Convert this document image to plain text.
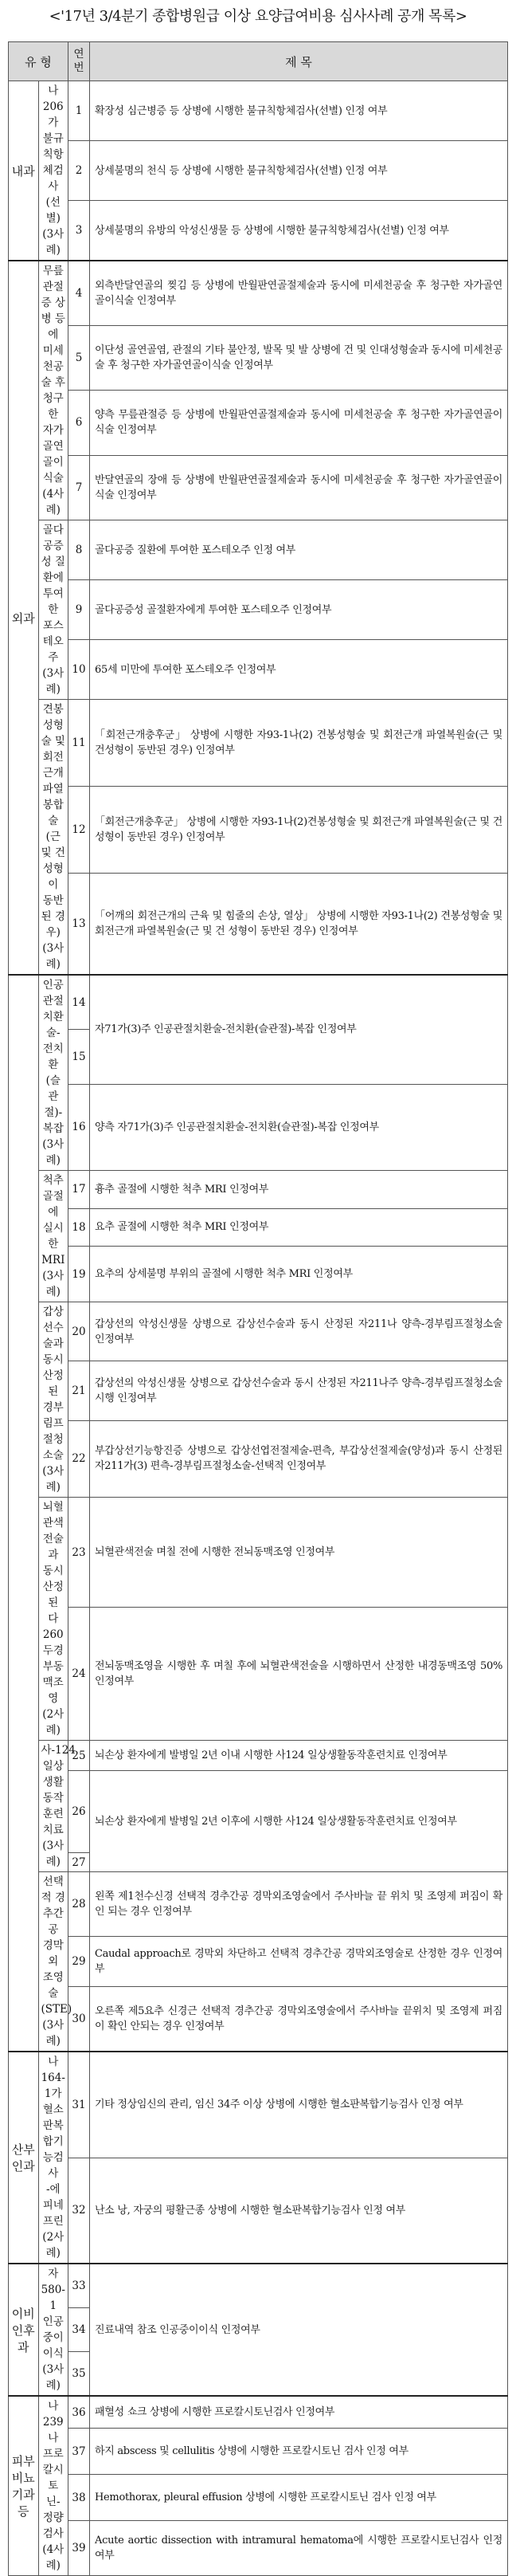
<'17년 3/4분기 종합병원급 이상 요양급여비용 심사사례 공개 목록>
유 형		연
번	제 목
내과	나206가
불규칙항체검사(선별)
(3사례)	1	확장성 심근병증 등 상병에 시행한 불규칙항체검사(선별) 인정 여부
		2	상세불명의 천식 등 상병에 시행한 불규칙항체검사(선별) 인정 여부
		3	상세불명의 유방의 악성신생물 등 상병에 시행한 불규칙항체검사(선별) 인정 여부
외과	무릎관절증 상병 등에
미세천공술 후 청구한
자가골연골이식술
(4사례)	4	외측반달연골의 찢김 등 상병에 반월판연골절제술과 동시에 미세천공술 후 청구한 자가골연골이식술 인정여부
		5	이단성 골연골염, 관절의 기타 불안정, 발목 및 발 상병에 건 및 인대성형술과 동시에 미세천공술 후 청구한 자가골연골이식술 인정여부
		6	양측 무릎관절증 등 상병에 반월판연골절제술과 동시에 미세천공술 후 청구한 자가골연골이식술 인정여부
		7	반달연골의 장애 등 상병에 반월판연골절제술과 동시에 미세천공술 후 청구한 자가골연골이식술 인정여부
	골다공증성 질환에
투여한
포스테오주
(3사례)	8	골다공증 질환에 투여한 포스테오주 인정 여부
		9	골다공증성 골절환자에게 투여한 포스테오주 인정여부
		10	65세 미만에 투여한 포스테오주 인정여부
	견봉성형술 및
회전근개 파열봉합술
(근 및 건성형이
동반된 경우)
(3사례)	11	「회전근개충후군」 상병에 시행한 자93-1나(2) 견봉성형술 및 회전근개 파열복원술(근 및 건성형이 동반된 경우) 인정여부
		12	「회전근개충후군」 상병에 시행한 자93-1나(2)견봉성형술 및 회전근개 파열복원술(근 및 건성형이 동반된 경우) 인정여부
		13	「어깨의 회전근개의 근육 및 힘줄의 손상, 열상」 상병에 시행한 자93-1나(2) 견봉성형술 및 회전근개 파열복원술(근 및 건 성형이 동반된 경우) 인정여부
	인공관절치환술-전치환
(슬관절)-복잡
(3사례)	14	자71가(3)주 인공관절치환술-전치환(슬관절)-복잡 인정여부
		15	
		16	양측 자71가(3)주 인공관절치환술-전치환(슬관절)-복잡 인정여부
	척추골절에
실시한 MRI
(3사례)	17	흉추 골절에 시행한 척추 MRI 인정여부
		18	요추 골절에 시행한 척추 MRI 인정여부
		19	요추의 상세불명 부위의 골절에 시행한 척추 MRI 인정여부
	갑상선수술과
동시 산정된
경부림프절청소술
(3사례)	20	갑상선의 악성신생물 상병으로 갑상선수술과 동시 산정된 자211나 양측-경부림프절청소술 인정여부
		21	갑상선의 악성신생물 상병으로 갑상선수술과 동시 산정된 자211나주 양측-경부림프절청소술 시행 인정여부
		22	부갑상선기능항진증 상병으로 갑상선엽전절제술-편측, 부갑상선절제술(양성)과 동시 산정된 자211가(3) 편측-경부림프절청소술-선택적 인정여부
	뇌혈관색전술과
동시 산정된
다260
두경부동맥조영
(2사례)	23	뇌혈관색전술 며칠 전에 시행한 전뇌동맥조영 인정여부
		24	전뇌동맥조영을 시행한 후 며칠 후에 뇌혈관색전술을 시행하면서 산정한 내경동맥조영 50% 인정여부
	사-124
일상생활동작
훈련치료
(3사례)	25	뇌손상 환자에게 발병일 2년 이내 시행한 사124 일상생활동작훈련치료 인정여부
		26	뇌손상 환자에게 발병일 2년 이후에 시행한 사124 일상생활동작훈련치료 인정여부
		27	
	선택적 경추간공
경막외
조영술(STE)
(3사례)	28	왼쪽 제1천수신경 선택적 경추간공 경막외조영술에서 주사바늘 끝 위치 및 조영제 퍼짐이 확인 되는 경우 인정여부
		29	Caudal approach로 경막외 차단하고 선택적 경추간공 경막외조영술로 산정한 경우 인정여부
		30	오른쪽 제5요추 신경근 선택적 경추간공 경막외조영술에서 주사바늘 끝위치 및 조영제 퍼짐이 확인 안되는 경우 인정여부
산부
인과	나164-1가
혈소판복합기능검사
-에피네프린
(2사례)	31	기타 정상임신의 관리, 임신 34주 이상 상병에 시행한 혈소판복합기능검사 인정 여부
		32	난소 낭, 자궁의 평활근종 상병에 시행한 혈소판복합기능검사 인정 여부
이비
인후과	자580-1
인공중이이식
(3사례)	33	진료내역 참조 인공중이이식 인정여부
		34	
		35	
피부
비뇨기과
등	나239나
프로칼시토닌-정량
검사
(4사례)	36	패혈성 쇼크 상병에 시행한 프로칼시토닌검사 인정여부
		37	하지 abscess 및 cellulitis 상병에 시행한 프로칼시토닌 검사 인정 여부
		38	Hemothorax, pleural effusion 상병에 시행한 프로칼시토닌 검사 인정 여부
		39	Acute aortic dissection with intramural hematoma에 시행한 프로칼시토닌검사 인정 여부
